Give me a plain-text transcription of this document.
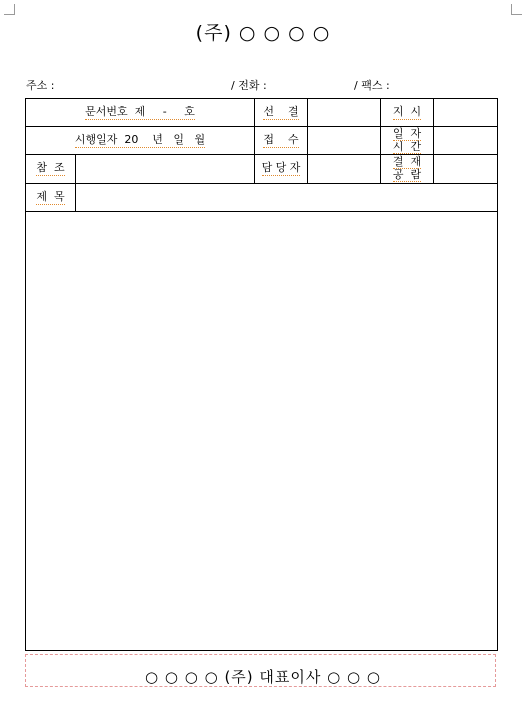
(주) ○ ○ ○ ○
주소 :	/ 전화 :	/ 팩스 :
문서번호  제     -     호
시행일자  20    년   일   월
참  조
제  목
선    결
접    수
담 당 자
지  시
일  자
시  간
결  재
공  람
○ ○ ○ ○ (주) 대표이사 ○ ○ ○
